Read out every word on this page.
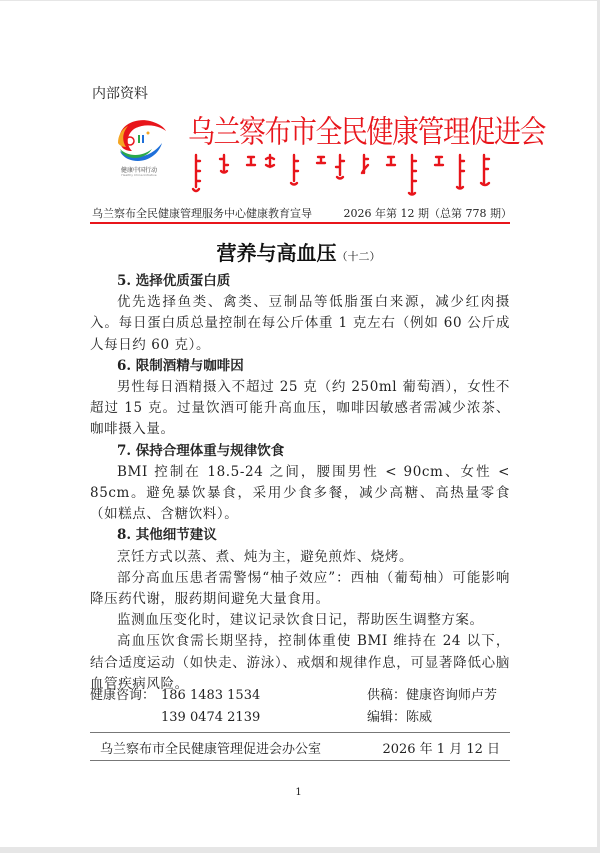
内部资料
健康中国行动
Healthy China Initiative
乌兰察布市全民健康管理促进会
乌兰察布全民健康管理服务中心健康教育宣导	2026 年第 12 期（总第 778 期）
营养与高血压（十二）
5. 选择优质蛋白质

优先选择鱼类、禽类、豆制品等低脂蛋白来源，减少红肉摄入。每日蛋白质总量控制在每公斤体重 1 克左右（例如 60 公斤成人每日约 60 克）。

6. 限制酒精与咖啡因

男性每日酒精摄入不超过 25 克（约 250ml 葡萄酒），女性不超过 15 克。过量饮酒可能升高血压，咖啡因敏感者需减少浓茶、咖啡摄入量。

7. 保持合理体重与规律饮食

BMI 控制在 18.5-24 之间，腰围男性 < 90cm、女性 < 85cm。避免暴饮暴食，采用少食多餐，减少高糖、高热量零食（如糕点、含糖饮料）。

8. 其他细节建议

烹饪方式以蒸、煮、炖为主，避免煎炸、烧烤。

部分高血压患者需警惕“柚子效应”：西柚（葡萄柚）可能影响降压药代谢，服药期间避免大量食用。

监测血压变化时，建议记录饮食日记，帮助医生调整方案。

高血压饮食需长期坚持，控制体重使 BMI 维持在 24 以下，结合适度运动（如快走、游泳）、戒烟和规律作息，可显著降低心脑血管疾病风险。

健康咨询： 186 1483 1534
139 0474 2139
供稿： 健康咨询师卢芳
编辑： 陈威
乌兰察布市全民健康管理促进会办公室	2026 年 1 月 12 日
1
